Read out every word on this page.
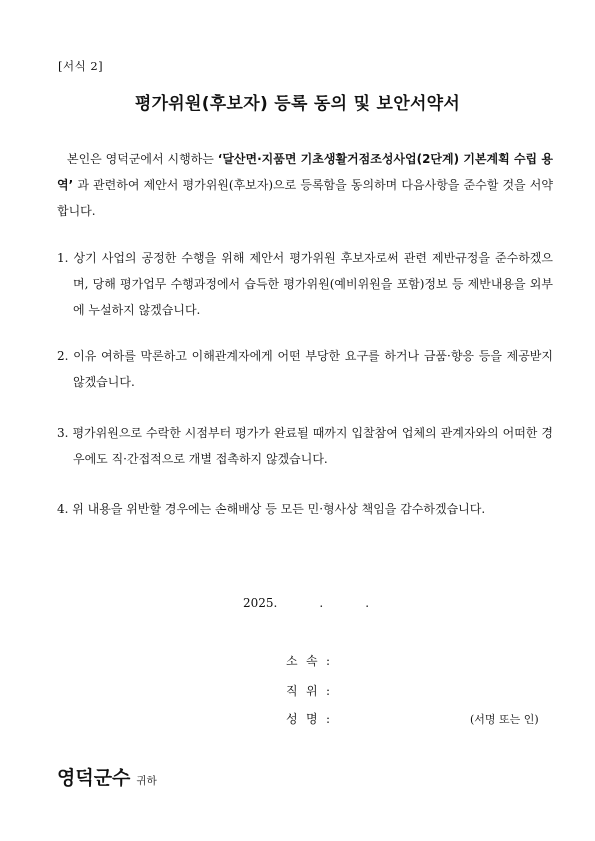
[서식 2]
평가위원(후보자) 등록 동의 및 보안서약서
본인은 영덕군에서 시행하는 ‘달산면·지품면 기초생활거점조성사업(2단계) 기본계획 수립 용역’ 과 관련하여 제안서 평가위원(후보자)으로 등록함을 동의하며 다음사항을 준수할 것을 서약합니다.
1. 상기 사업의 공정한 수행을 위해 제안서 평가위원 후보자로써 관련 제반규정을 준수하겠으며, 당해 평가업무 수행과정에서 습득한 평가위원(예비위원을 포함)정보 등 제반내용을 외부에 누설하지 않겠습니다.
2. 이유 여하를 막론하고 이해관계자에게 어떤 부당한 요구를 하거나 금품·향응 등을 제공받지 않겠습니다.
3. 평가위원으로 수락한 시점부터 평가가 완료될 때까지 입찰참여 업체의 관계자와의 어떠한 경우에도 직·간접적으로 개별 접촉하지 않겠습니다.
4. 위 내용을 위반할 경우에는 손해배상 등 모든 민·형사상 책임을 감수하겠습니다.
2025.	.	.
소 속 :
직 위 :
성 명 :	(서명 또는 인)
영덕군수 귀하
